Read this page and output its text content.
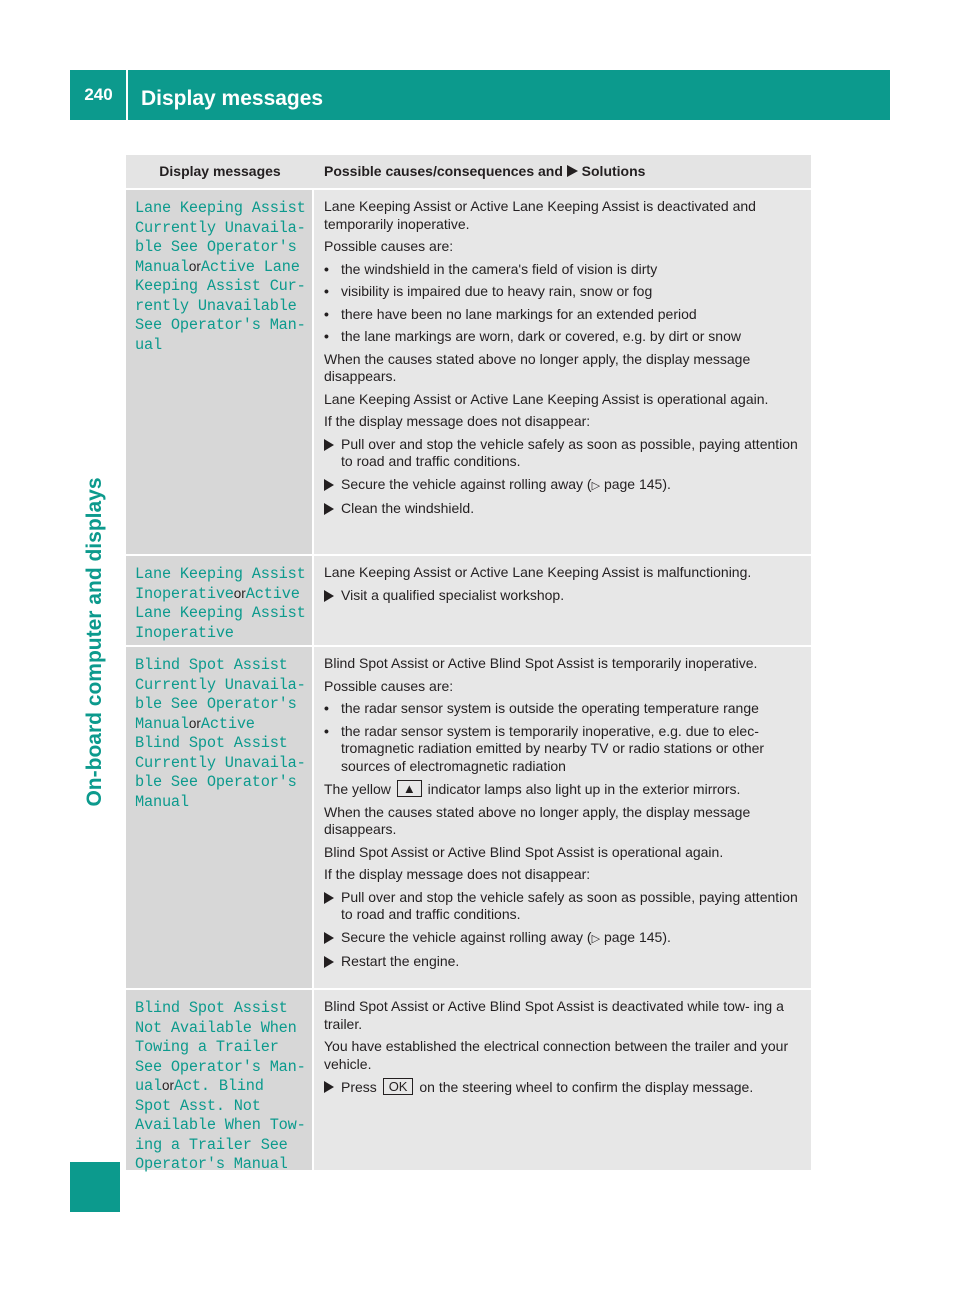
240	Display messages
On-board computer and displays
Display messages	Possible causes/consequences and Solutions
Lane Keeping Assist Currently Unavaila‐ ble See Operator's ManualorActive Lane Keeping Assist Cur‐ rently Unavailable See Operator's Man‐ ual

Lane Keeping Assist or Active Lane Keeping Assist is deactivated and temporarily inoperative.

Possible causes are:

• the windshield in the camera's field of vision is dirty
• visibility is impaired due to heavy rain, snow or fog
• there have been no lane markings for an extended period
• the lane markings are worn, dark or covered, e.g. by dirt or snow

When the causes stated above no longer apply, the display message disappears.

Lane Keeping Assist or Active Lane Keeping Assist is operational again.

If the display message does not disappear:

Pull over and stop the vehicle safely as soon as possible, paying attention to road and traffic conditions.
Secure the vehicle against rolling away (▷ page 145).
Clean the windshield.
Lane Keeping Assist InoperativeorActive Lane Keeping Assist Inoperative

Lane Keeping Assist or Active Lane Keeping Assist is malfunctioning.

Visit a qualified specialist workshop.
Blind Spot Assist Currently Unavaila‐ ble See Operator's ManualorActive Blind Spot Assist Currently Unavaila‐ ble See Operator's Manual

Blind Spot Assist or Active Blind Spot Assist is temporarily inoperative.

Possible causes are:

• the radar sensor system is outside the operating temperature range
• the radar sensor system is temporarily inoperative, e.g. due to elec- tromagnetic radiation emitted by nearby TV or radio stations or other sources of electromagnetic radiation

The yellow ▲ indicator lamps also light up in the exterior mirrors.

When the causes stated above no longer apply, the display message disappears.

Blind Spot Assist or Active Blind Spot Assist is operational again.

If the display message does not disappear:

Pull over and stop the vehicle safely as soon as possible, paying attention to road and traffic conditions.
Secure the vehicle against rolling away (▷ page 145).
Restart the engine.
Blind Spot Assist Not Available When Towing a Trailer See Operator's Man‐ ualorAct. Blind Spot Asst. Not Available When Tow‐ ing a Trailer See Operator's Manual

Blind Spot Assist or Active Blind Spot Assist is deactivated while tow- ing a trailer.

You have established the electrical connection between the trailer and your vehicle.

Press OK on the steering wheel to confirm the display message.
